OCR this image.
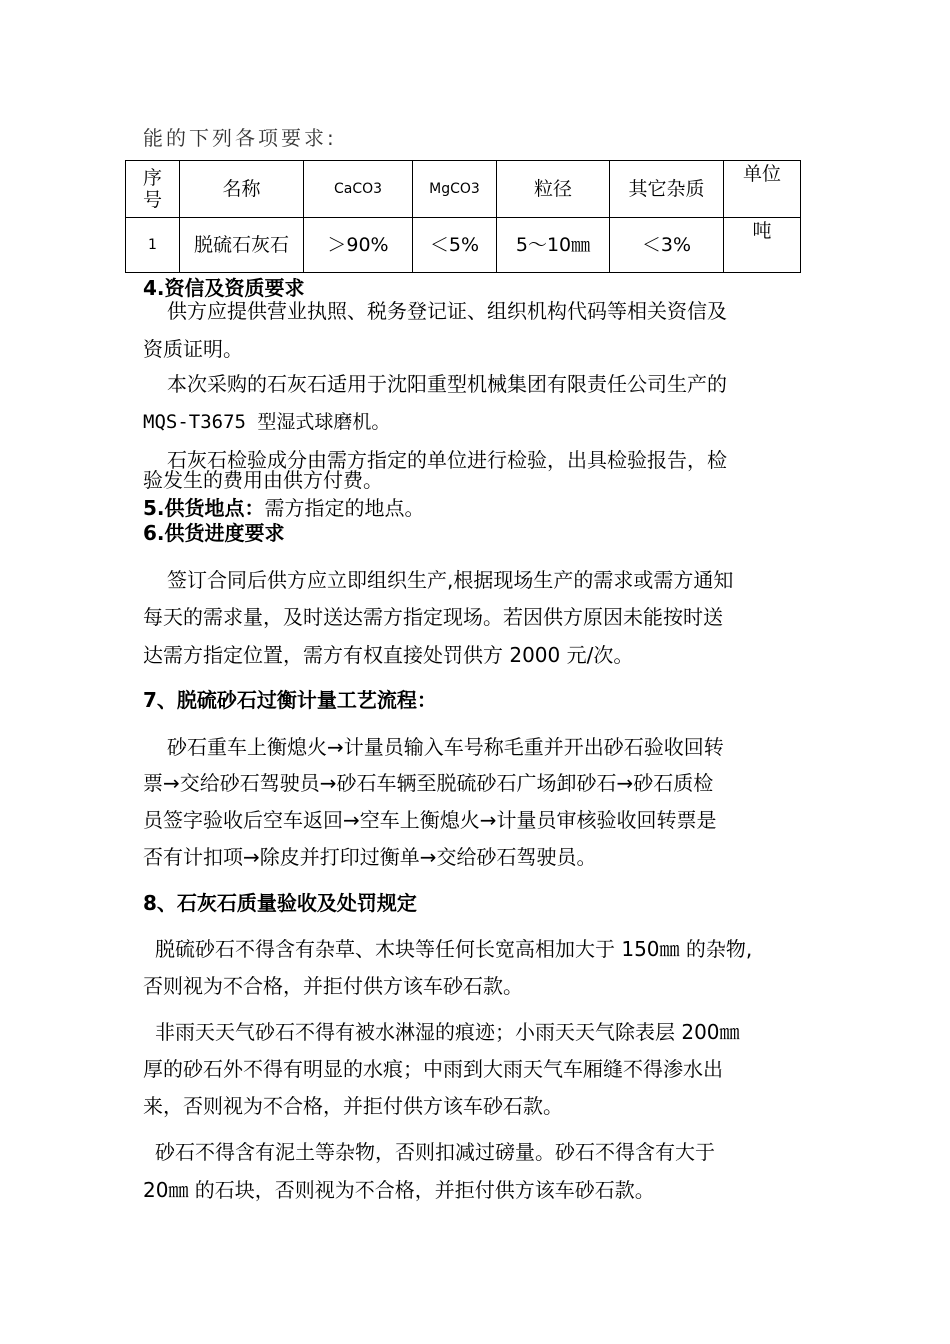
能的下列各项要求:
序号	名称	CaCO3	MgCO3	粒径	其它杂质	单位
1	脱硫石灰石	＞90%	＜5%	5～10㎜	＜3%	吨
4.资信及资质要求
供方应提供营业执照、税务登记证、组织机构代码等相关资信及
资质证明。
本次采购的石灰石适用于沈阳重型机械集团有限责任公司生产的
MQS-T3675 型湿式球磨机。
石灰石检验成分由需方指定的单位进行检验，出具检验报告，检
验发生的费用由供方付费。
5.供货地点：需方指定的地点。
6.供货进度要求
签订合同后供方应立即组织生产,根据现场生产的需求或需方通知
每天的需求量，及时送达需方指定现场。若因供方原因未能按时送
达需方指定位置，需方有权直接处罚供方 2000 元/次。
7、脱硫砂石过衡计量工艺流程：
砂石重车上衡熄火→计量员输入车号称毛重并开出砂石验收回转
票→交给砂石驾驶员→砂石车辆至脱硫砂石广场卸砂石→砂石质检
员签字验收后空车返回→空车上衡熄火→计量员审核验收回转票是
否有计扣项→除皮并打印过衡单→交给砂石驾驶员。
8、石灰石质量验收及处罚规定
脱硫砂石不得含有杂草、木块等任何长宽高相加大于 150㎜ 的杂物,
否则视为不合格，并拒付供方该车砂石款。
非雨天天气砂石不得有被水淋湿的痕迹；小雨天天气除表层 200㎜
厚的砂石外不得有明显的水痕；中雨到大雨天气车厢缝不得渗水出
来，否则视为不合格，并拒付供方该车砂石款。
砂石不得含有泥土等杂物，否则扣减过磅量。砂石不得含有大于
20㎜ 的石块，否则视为不合格，并拒付供方该车砂石款。
